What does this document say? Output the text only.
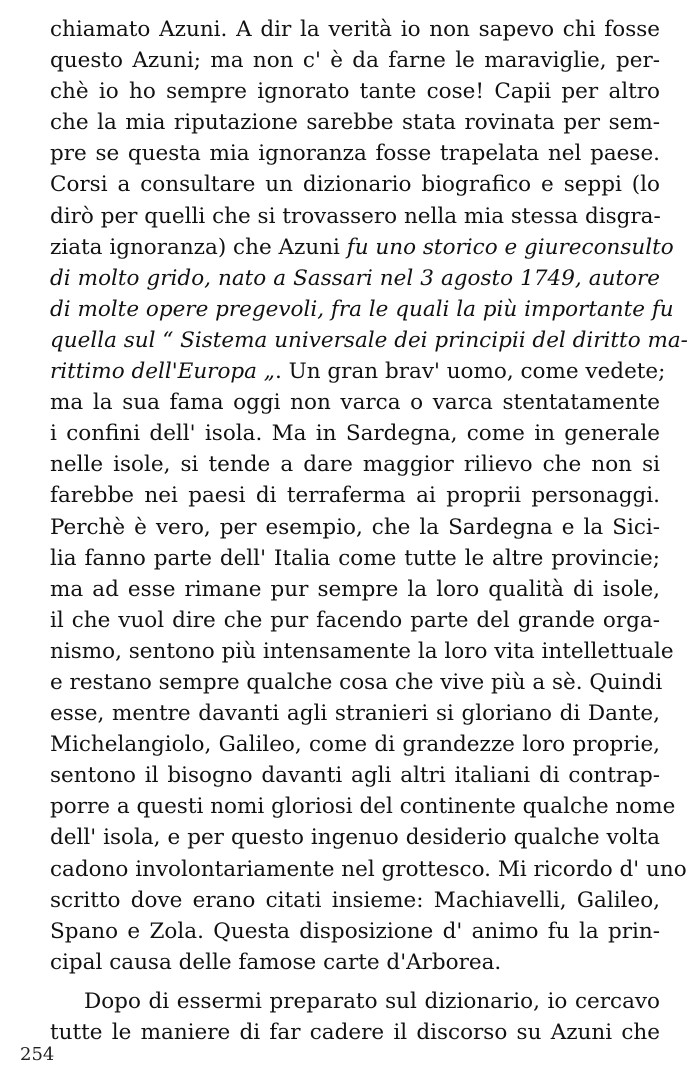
chiamato Azuni. A dir la verità io non sapevo chi fosse
questo Azuni; ma non c' è da farne le maraviglie, per-
chè io ho sempre ignorato tante cose! Capii per altro
che la mia riputazione sarebbe stata rovinata per sem-
pre se questa mia ignoranza fosse trapelata nel paese.
Corsi a consultare un dizionario biografico e seppi (lo
dirò per quelli che si trovassero nella mia stessa disgra-
ziata ignoranza) che Azuni fu uno storico e giureconsulto
di molto grido, nato a Sassari nel 3 agosto 1749, autore
di molte opere pregevoli, fra le quali la più importante fu
quella sul “ Sistema universale dei principii del diritto ma-
rittimo dell'Europa „. Un gran brav' uomo, come vedete;
ma la sua fama oggi non varca o varca stentatamente
i confini dell' isola. Ma in Sardegna, come in generale
nelle isole, si tende a dare maggior rilievo che non si
farebbe nei paesi di terraferma ai proprii personaggi.
Perchè è vero, per esempio, che la Sardegna e la Sici-
lia fanno parte dell' Italia come tutte le altre provincie;
ma ad esse rimane pur sempre la loro qualità di isole,
il che vuol dire che pur facendo parte del grande orga-
nismo, sentono più intensamente la loro vita intellettuale
e restano sempre qualche cosa che vive più a sè. Quindi
esse, mentre davanti agli stranieri si gloriano di Dante,
Michelangiolo, Galileo, come di grandezze loro proprie,
sentono il bisogno davanti agli altri italiani di contrap-
porre a questi nomi gloriosi del continente qualche nome
dell' isola, e per questo ingenuo desiderio qualche volta
cadono involontariamente nel grottesco. Mi ricordo d' uno
scritto dove erano citati insieme: Machiavelli, Galileo,
Spano e Zola. Questa disposizione d' animo fu la prin-
cipal causa delle famose carte d'Arborea.
Dopo di essermi preparato sul dizionario, io cercavo
tutte le maniere di far cadere il discorso su Azuni che
254
